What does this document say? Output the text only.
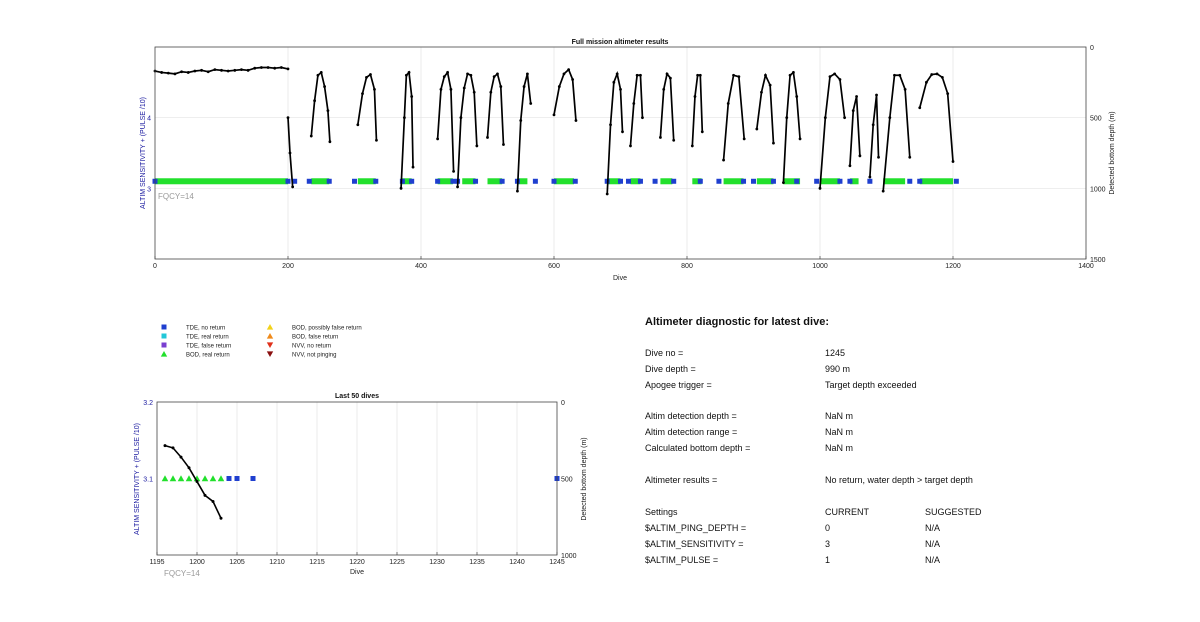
Full mission altimeter results
0	200	400	600	800	1000	1200	1400
0
500
1000
1500
3
4
Dive
ALTIM SENSITIVITY + (PULSE /10)	Detected bottom depth (m)
FQCY=14
TDE, no return
TDE, real return
TDE, false return
BOD, real return
BOD, possibly false return
BOD, false return
NVV, no return
NVV, not pinging
Last 50 dives
1195	1200	1205	1210	1215	1220	1225	1230	1235	1240	1245
3.1
3.2	0
500
1000
Dive
ALTIM SENSITIVITY + (PULSE /10)	Detected bottom depth (m)
FQCY=14
Altimeter diagnostic for latest dive:
Dive no =	1245
Dive depth =	990 m
Apogee trigger =	Target depth exceeded
Altim detection depth =	NaN m
Altim detection range =	NaN m
Calculated bottom depth =	NaN m
Altimeter results =	No return, water depth > target depth
Settings	CURRENT	SUGGESTED
$ALTIM_PING_DEPTH =	0	N/A
$ALTIM_SENSITIVITY =	3	N/A
$ALTIM_PULSE =	1	N/A
